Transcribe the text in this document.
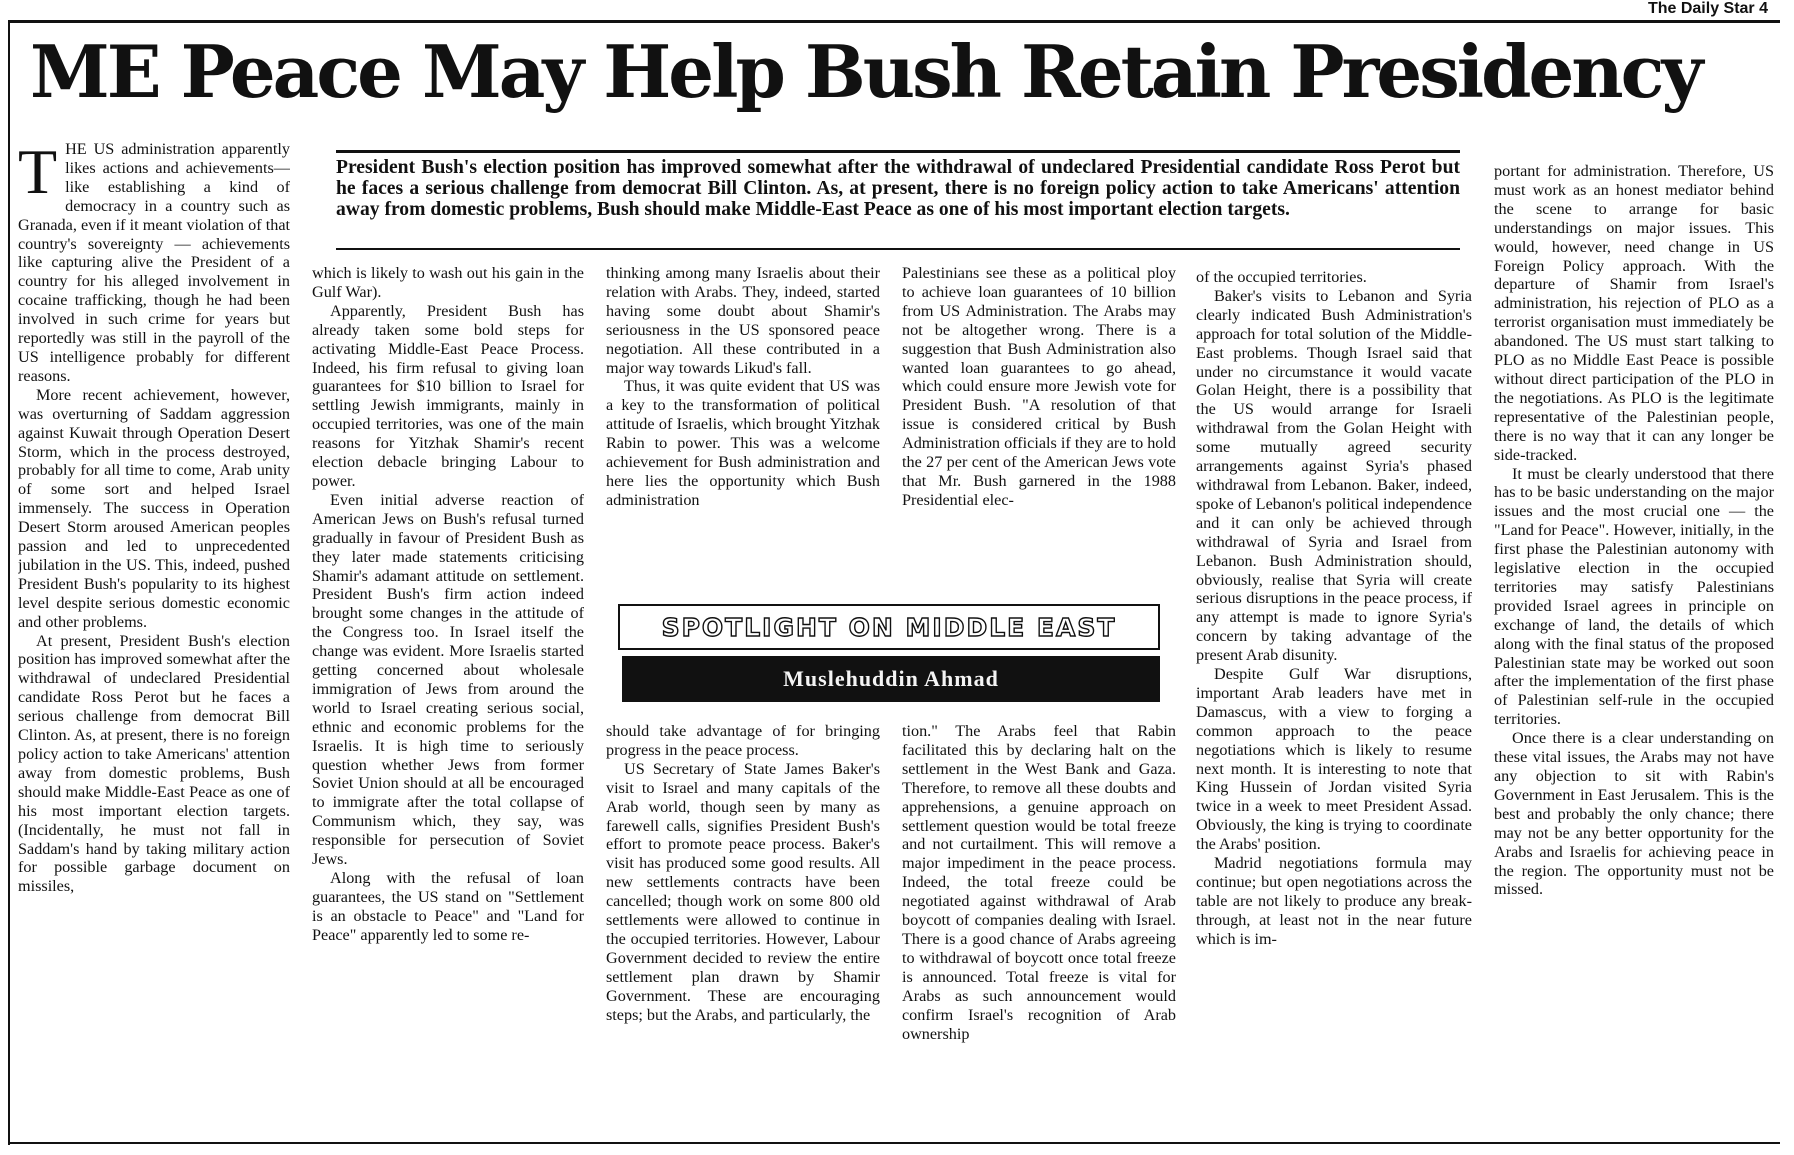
The Daily Star 4
ME Peace May Help Bush Retain Presidency

President Bush's election position has improved somewhat after the withdrawal of undeclared Presidential candidate Ross Perot but he faces a serious challenge from democrat Bill Clinton. As, at present, there is no foreign policy action to take Americans' attention away from domestic problems, Bush should make Middle-East Peace as one of his most important election targets.

THE US administration apparently likes actions and achievements— like establishing a kind of democracy in a country such as Granada, even if it meant violation of that country's sovereignty — achievements like capturing alive the President of a country for his alleged involvement in cocaine trafficking, though he had been involved in such crime for years but reportedly was still in the payroll of the US intelligence probably for different reasons.

More recent achievement, however, was overturning of Saddam aggression against Kuwait through Operation Desert Storm, which in the process destroyed, probably for all time to come, Arab unity of some sort and helped Israel immensely. The success in Operation Desert Storm aroused American peoples passion and led to unprecedented jubilation in the US. This, indeed, pushed President Bush's popularity to its highest level despite serious domestic economic and other problems.

At present, President Bush's election position has improved somewhat after the withdrawal of undeclared Presidential candidate Ross Perot but he faces a serious challenge from democrat Bill Clinton. As, at present, there is no foreign policy action to take Americans' attention away from domestic problems, Bush should make Middle-East Peace as one of his most important election targets. (Incidentally, he must not fall in Saddam's hand by taking military action for possible garbage document on missiles,

which is likely to wash out his gain in the Gulf War).

Apparently, President Bush has already taken some bold steps for activating Middle-East Peace Process. Indeed, his firm refusal to giving loan guarantees for $10 billion to Israel for settling Jewish immigrants, mainly in occupied territories, was one of the main reasons for Yitzhak Shamir's recent election debacle bringing Labour to power.

Even initial adverse reaction of American Jews on Bush's refusal turned gradually in favour of President Bush as they later made statements criticising Shamir's adamant attitude on settlement. President Bush's firm action indeed brought some changes in the attitude of the Congress too. In Israel itself the change was evident. More Israelis started getting concerned about wholesale immigration of Jews from around the world to Israel creating serious social, ethnic and economic problems for the Israelis. It is high time to seriously question whether Jews from former Soviet Union should at all be encouraged to immigrate after the total collapse of Communism which, they say, was responsible for persecution of Soviet Jews.

Along with the refusal of loan guarantees, the US stand on "Settlement is an obstacle to Peace" and "Land for Peace" apparently led to some re-

thinking among many Israelis about their relation with Arabs. They, indeed, started having some doubt about Shamir's seriousness in the US sponsored peace negotiation. All these contributed in a major way towards Likud's fall.

Thus, it was quite evident that US was a key to the transformation of political attitude of Israelis, which brought Yitzhak Rabin to power. This was a welcome achievement for Bush administration and here lies the opportunity which Bush administration

Palestinians see these as a political ploy to achieve loan guarantees of 10 billion from US Administration. The Arabs may not be altogether wrong. There is a suggestion that Bush Administration also wanted loan guarantees to go ahead, which could ensure more Jewish vote for President Bush. "A resolution of that issue is considered critical by Bush Administration officials if they are to hold the 27 per cent of the American Jews vote that Mr. Bush garnered in the 1988 Presidential elec-

SPOTLIGHT ON MIDDLE EAST
Muslehuddin Ahmad

should take advantage of for bringing progress in the peace process.

US Secretary of State James Baker's visit to Israel and many capitals of the Arab world, though seen by many as farewell calls, signifies President Bush's effort to promote peace process. Baker's visit has produced some good results. All new settlements contracts have been cancelled; though work on some 800 old settlements were allowed to continue in the occupied territories. However, Labour Government decided to review the entire settlement plan drawn by Shamir Government. These are encouraging steps; but the Arabs, and particularly, the

tion." The Arabs feel that Rabin facilitated this by declaring halt on the settlement in the West Bank and Gaza. Therefore, to remove all these doubts and apprehensions, a genuine approach on settlement question would be total freeze and not curtailment. This will remove a major impediment in the peace process. Indeed, the total freeze could be negotiated against withdrawal of Arab boycott of companies dealing with Israel. There is a good chance of Arabs agreeing to withdrawal of boycott once total freeze is announced. Total freeze is vital for Arabs as such announcement would confirm Israel's recognition of Arab ownership

of the occupied territories.

Baker's visits to Lebanon and Syria clearly indicated Bush Administration's approach for total solution of the Middle-East problems. Though Israel said that under no circumstance it would vacate Golan Height, there is a possibility that the US would arrange for Israeli withdrawal from the Golan Height with some mutually agreed security arrangements against Syria's phased withdrawal from Lebanon. Baker, indeed, spoke of Lebanon's political independence and it can only be achieved through withdrawal of Syria and Israel from Lebanon. Bush Administration should, obviously, realise that Syria will create serious disruptions in the peace process, if any attempt is made to ignore Syria's concern by taking advantage of the present Arab disunity.

Despite Gulf War disruptions, important Arab leaders have met in Damascus, with a view to forging a common approach to the peace negotiations which is likely to resume next month. It is interesting to note that King Hussein of Jordan visited Syria twice in a week to meet President Assad. Obviously, the king is trying to coordinate the Arabs' position.

Madrid negotiations formula may continue; but open negotiations across the table are not likely to produce any break-through, at least not in the near future which is im-

portant for administration. Therefore, US must work as an honest mediator behind the scene to arrange for basic understandings on major issues. This would, however, need change in US Foreign Policy approach. With the departure of Shamir from Israel's administration, his rejection of PLO as a terrorist organisation must immediately be abandoned. The US must start talking to PLO as no Middle East Peace is possible without direct participation of the PLO in the negotiations. As PLO is the legitimate representative of the Palestinian people, there is no way that it can any longer be side-tracked.

It must be clearly understood that there has to be basic understanding on the major issues and the most crucial one — the "Land for Peace". However, initially, in the first phase the Palestinian autonomy with legislative election in the occupied territories may satisfy Palestinians provided Israel agrees in principle on exchange of land, the details of which along with the final status of the proposed Palestinian state may be worked out soon after the implementation of the first phase of Palestinian self-rule in the occupied territories.

Once there is a clear understanding on these vital issues, the Arabs may not have any objection to sit with Rabin's Government in East Jerusalem. This is the best and probably the only chance; there may not be any better opportunity for the Arabs and Israelis for achieving peace in the region. The opportunity must not be missed.
